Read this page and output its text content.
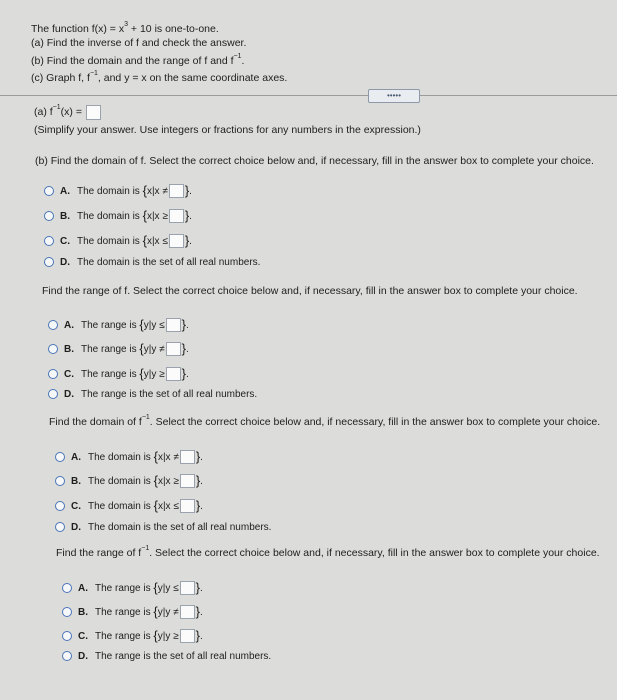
The function $f(x) = x^3 + 10$ is one-to-one.
(a) Find the inverse of f and check the answer.
(b) Find the domain and the range of f and $f^{-1}$.
(c) Graph f, $f^{-1}$, and y = x on the same coordinate axes.
•••••
(a) $f^{-1}(x)$ =
(Simplify your answer. Use integers or fractions for any numbers in the expression.)
(b) Find the domain of f. Select the correct choice below and, if necessary, fill in the answer box to complete your choice.
A. The domain is {x|x ≠ }.
B. The domain is {x|x ≥ }.
C. The domain is {x|x ≤ }.
D. The domain is the set of all real numbers.
Find the range of f. Select the correct choice below and, if necessary, fill in the answer box to complete your choice.
A. The range is {y|y ≤ }.
B. The range is {y|y ≠ }.
C. The range is {y|y ≥ }.
D. The range is the set of all real numbers.
Find the domain of $f^{-1}$. Select the correct choice below and, if necessary, fill in the answer box to complete your choice.
A. The domain is {x|x ≠ }.
B. The domain is {x|x ≥ }.
C. The domain is {x|x ≤ }.
D. The domain is the set of all real numbers.
Find the range of $f^{-1}$. Select the correct choice below and, if necessary, fill in the answer box to complete your choice.
A. The range is {y|y ≤ }.
B. The range is {y|y ≠ }.
C. The range is {y|y ≥ }.
D. The range is the set of all real numbers.
